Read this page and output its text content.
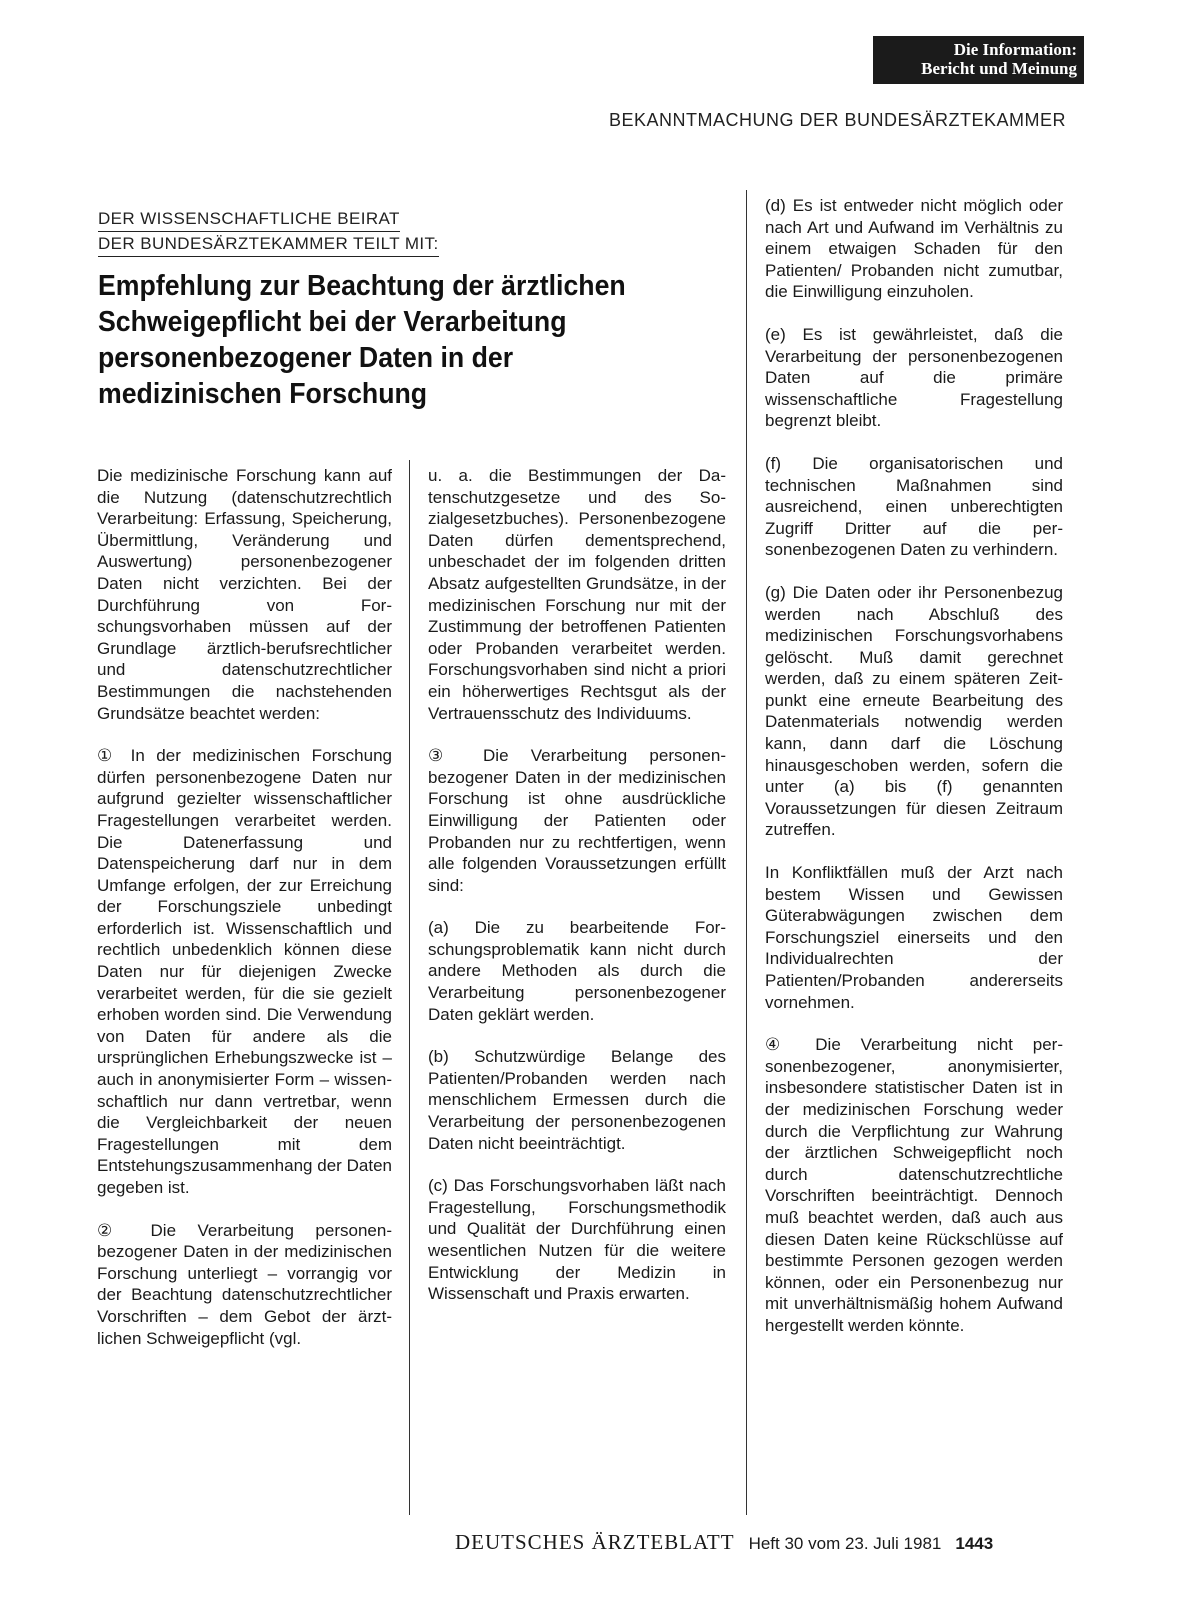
Die Information:
Bericht und Meinung
BEKANNTMACHUNG DER BUNDESÄRZTEKAMMER
DER WISSENSCHAFTLICHE BEIRAT
DER BUNDESÄRZTEKAMMER TEILT MIT:
Empfehlung zur Beachtung der ärztlichen Schweigepflicht bei der Verarbeitung personenbezogener Daten in der medizinischen Forschung

Die medizinische Forschung kann auf die Nutzung (datenschutzrechtlich Verarbeitung: Erfassung, Speicherung, Übermittlung, Veränderung und Auswertung) personenbezogener Daten nicht verzichten. Bei der Durchführung von Forschungsvorhaben müssen auf der Grundlage ärztlich-berufsrechtlicher und datenschutzrechtlicher Bestimmungen die nachstehenden Grundsätze beachtet werden:

① In der medizinischen Forschung dürfen personenbezogene Daten nur aufgrund gezielter wissenschaftlicher Fragestellungen verarbeitet werden. Die Datenerfassung und Datenspeicherung darf nur in dem Umfange erfolgen, der zur Erreichung der Forschungsziele unbedingt erforderlich ist. Wissenschaftlich und rechtlich unbedenklich können diese Daten nur für diejenigen Zwecke verarbeitet werden, für die sie gezielt erhoben worden sind. Die Verwendung von Daten für andere als die ursprünglichen Erhebungszwecke ist – auch in anonymisierter Form – wissenschaftlich nur dann vertretbar, wenn die Vergleichbarkeit der neuen Fragestellungen mit dem Entstehungszusammenhang der Daten gegeben ist.

② Die Verarbeitung personenbezogener Daten in der medizinischen Forschung unterliegt – vorrangig vor der Beachtung datenschutzrechtlicher Vorschriften – dem Gebot der ärztlichen Schweigepflicht (vgl.

u. a. die Bestimmungen der Datenschutzgesetze und des Sozialgesetzbuches). Personenbezogene Daten dürfen dementsprechend, unbeschadet der im folgenden dritten Absatz aufgestellten Grundsätze, in der medizinischen Forschung nur mit der Zustimmung der betroffenen Patienten oder Probanden verarbeitet werden. Forschungsvorhaben sind nicht a priori ein höherwertiges Rechtsgut als der Vertrauensschutz des Individuums.

③ Die Verarbeitung personenbezogener Daten in der medizinischen Forschung ist ohne ausdrückliche Einwilligung der Patienten oder Probanden nur zu rechtfertigen, wenn alle folgenden Voraussetzungen erfüllt sind:

(a) Die zu bearbeitende Forschungsproblematik kann nicht durch andere Methoden als durch die Verarbeitung personenbezogener Daten geklärt werden.

(b) Schutzwürdige Belange des Patienten/Probanden werden nach menschlichem Ermessen durch die Verarbeitung der personenbezogenen Daten nicht beeinträchtigt.

(c) Das Forschungsvorhaben läßt nach Fragestellung, Forschungsmethodik und Qualität der Durchführung einen wesentlichen Nutzen für die weitere Entwicklung der Medizin in Wissenschaft und Praxis erwarten.

(d) Es ist entweder nicht möglich oder nach Art und Aufwand im Verhältnis zu einem etwaigen Schaden für den Patienten/ Probanden nicht zumutbar, die Einwilligung einzuholen.

(e) Es ist gewährleistet, daß die Verarbeitung der personenbezogenen Daten auf die primäre wissenschaftliche Fragestellung begrenzt bleibt.

(f) Die organisatorischen und technischen Maßnahmen sind ausreichend, einen unberechtigten Zugriff Dritter auf die personenbezogenen Daten zu verhindern.

(g) Die Daten oder ihr Personenbezug werden nach Abschluß des medizinischen Forschungsvorhabens gelöscht. Muß damit gerechnet werden, daß zu einem späteren Zeitpunkt eine erneute Bearbeitung des Datenmaterials notwendig werden kann, dann darf die Löschung hinausgeschoben werden, sofern die unter (a) bis (f) genannten Voraussetzungen für diesen Zeitraum zutreffen.

In Konfliktfällen muß der Arzt nach bestem Wissen und Gewissen Güterabwägungen zwischen dem Forschungsziel einerseits und den Individualrechten der Patienten/Probanden andererseits vornehmen.

④ Die Verarbeitung nicht personenbezogener, anonymisierter, insbesondere statistischer Daten ist in der medizinischen Forschung weder durch die Verpflichtung zur Wahrung der ärztlichen Schweigepflicht noch durch datenschutzrechtliche Vorschriften beeinträchtigt. Dennoch muß beachtet werden, daß auch aus diesen Daten keine Rückschlüsse auf bestimmte Personen gezogen werden können, oder ein Personenbezug nur mit unverhältnismäßig hohem Aufwand hergestellt werden könnte.

DEUTSCHES ÄRZTEBLATT Heft 30 vom 23. Juli 1981 1443
